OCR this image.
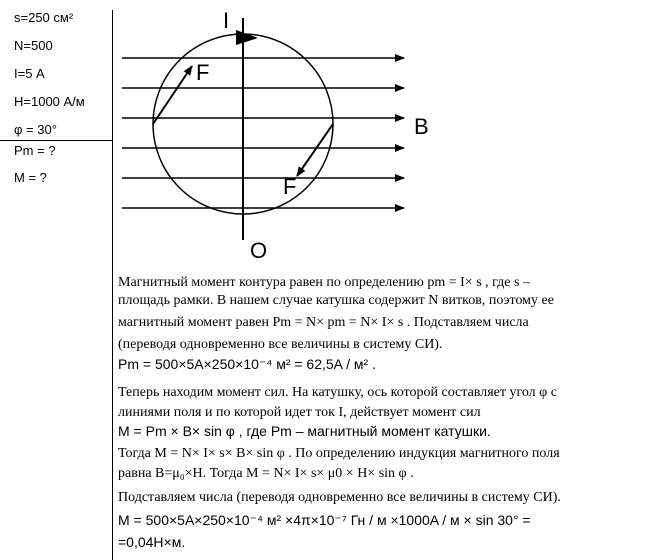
s=250 см²
N=500
I=5 А
H=1000 А/м
φ = 30°
Pm = ?
M = ?
I
O
B
F
F
Магнитный момент контура равен по определению pm = I× s , где s –
площадь рамки. В нашем случае катушка содержит N витков, поэтому ее
магнитный момент равен Pm = N× pm = N× I× s . Подставляем числа
(переводя одновременно все величины в систему СИ).
Pm = 500×5A×250×10⁻⁴ м² = 62,5A / м² .
Теперь находим момент сил. На катушку, ось которой составляет угол φ с
линиями поля и по которой идет ток I, действует момент сил
M = Pm × B× sin φ , где Pm – магнитный момент катушки.
Тогда M = N× I× s× B× sin φ . По определению индукция магнитного поля
равна B=μ₀×H. Тогда M = N× I× s× μ0 × H× sin φ .
Подставляем числа (переводя одновременно все величины в систему СИ).
M = 500×5A×250×10⁻⁴ м² ×4π×10⁻⁷ Гн / м ×1000A / м × sin 30° =
=0,04H×м.
